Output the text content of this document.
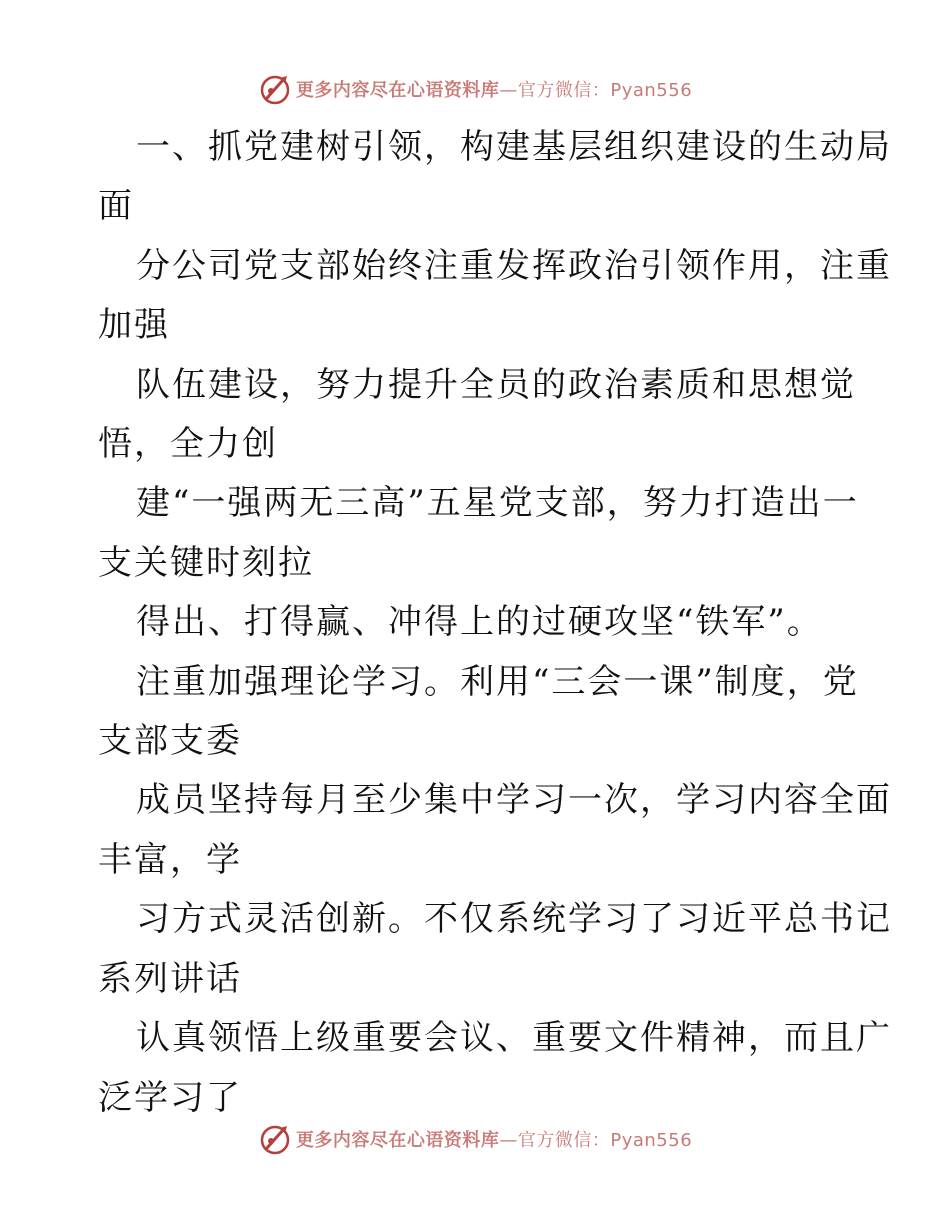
更多内容尽在心语资料库—官方微信：Pyan556
一、抓党建树引领，构建基层组织建设的生动局
面
分公司党支部始终注重发挥政治引领作用，注重
加强
队伍建设，努力提升全员的政治素质和思想觉
悟，全力创
建“一强两无三高”五星党支部，努力打造出一
支关键时刻拉
得出、打得赢、冲得上的过硬攻坚“铁军”。
注重加强理论学习。利用“三会一课”制度，党
支部支委
成员坚持每月至少集中学习一次，学习内容全面
丰富，学
习方式灵活创新。不仅系统学习了习近平总书记
系列讲话
认真领悟上级重要会议、重要文件精神，而且广
泛学习了
更多内容尽在心语资料库—官方微信：Pyan556
